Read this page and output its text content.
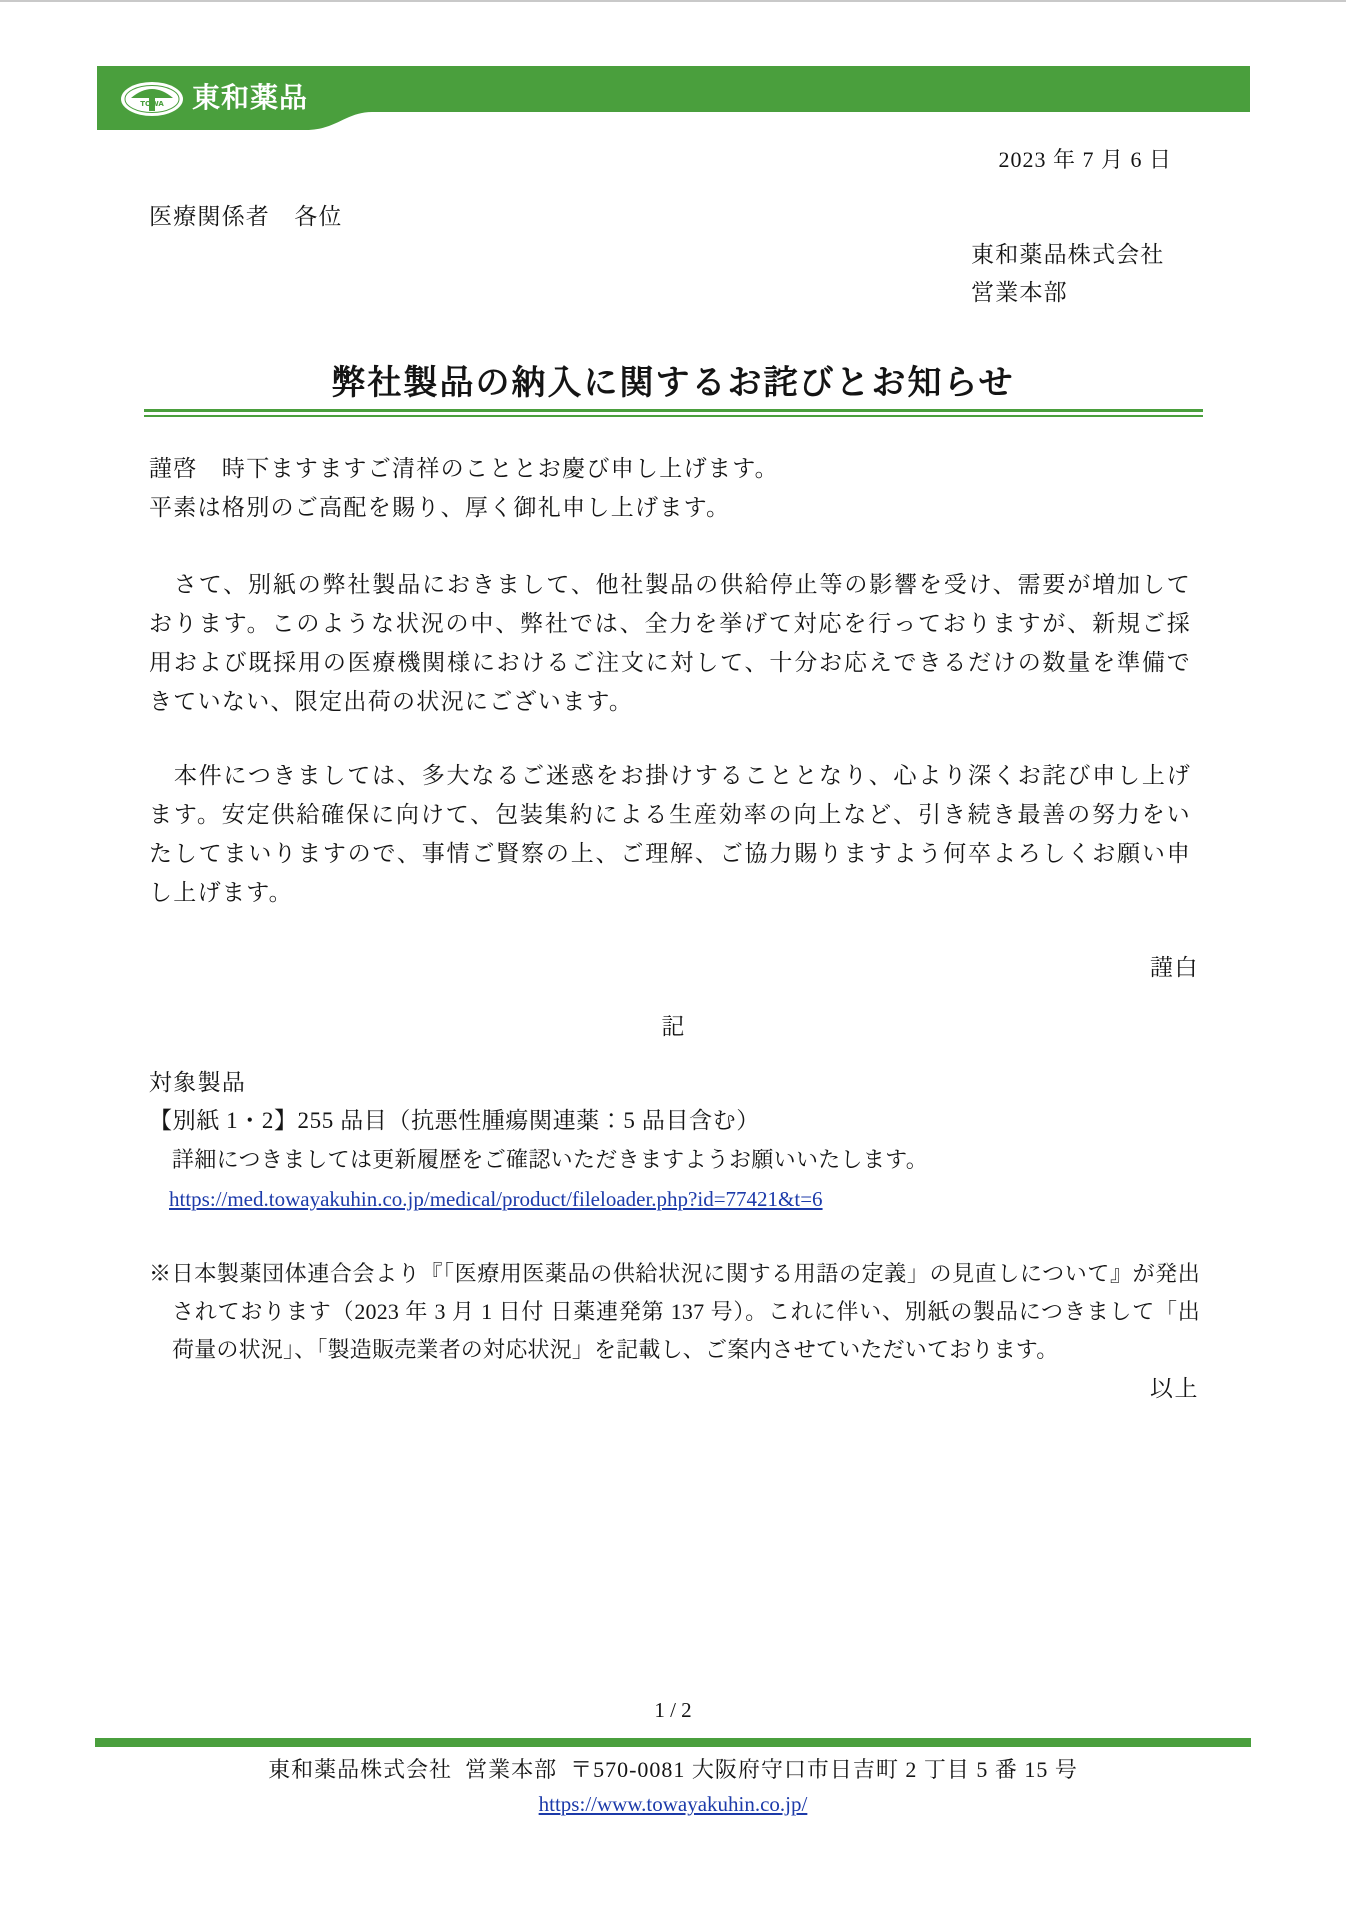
TOWA 東和薬品
2023 年 7 月 6 日
医療関係者　各位
東和薬品株式会社
営業本部
弊社製品の納入に関するお詫びとお知らせ
謹啓　時下ますますご清祥のこととお慶び申し上げます。
平素は格別のご高配を賜り、厚く御礼申し上げます。
　さて、別紙の弊社製品におきまして、他社製品の供給停止等の影響を受け、需要が増加して
おります。このような状況の中、弊社では、全力を挙げて対応を行っておりますが、新規ご採
用および既採用の医療機関様におけるご注文に対して、十分お応えできるだけの数量を準備で
きていない、限定出荷の状況にございます。
　本件につきましては、多大なるご迷惑をお掛けすることとなり、心より深くお詫び申し上げ
ます。安定供給確保に向けて、包装集約による生産効率の向上など、引き続き最善の努力をい
たしてまいりますので、事情ご賢察の上、ご理解、ご協力賜りますよう何卒よろしくお願い申
し上げます。
謹白
記
対象製品
【別紙 1・2】255 品目（抗悪性腫瘍関連薬：5 品目含む）
詳細につきましては更新履歴をご確認いただきますようお願いいたします。
https://med.towayakuhin.co.jp/medical/product/fileloader.php?id=77421&t=6
※日本製薬団体連合会より『「医療用医薬品の供給状況に関する用語の定義」の見直しについて』が発出
されております（2023 年 3 月 1 日付 日薬連発第 137 号）。これに伴い、別紙の製品につきまして「出
荷量の状況」、「製造販売業者の対応状況」を記載し、ご案内させていただいております。
以上
1 / 2
東和薬品株式会社  営業本部  〒570-0081 大阪府守口市日吉町 2 丁目 5 番 15 号
https://www.towayakuhin.co.jp/
